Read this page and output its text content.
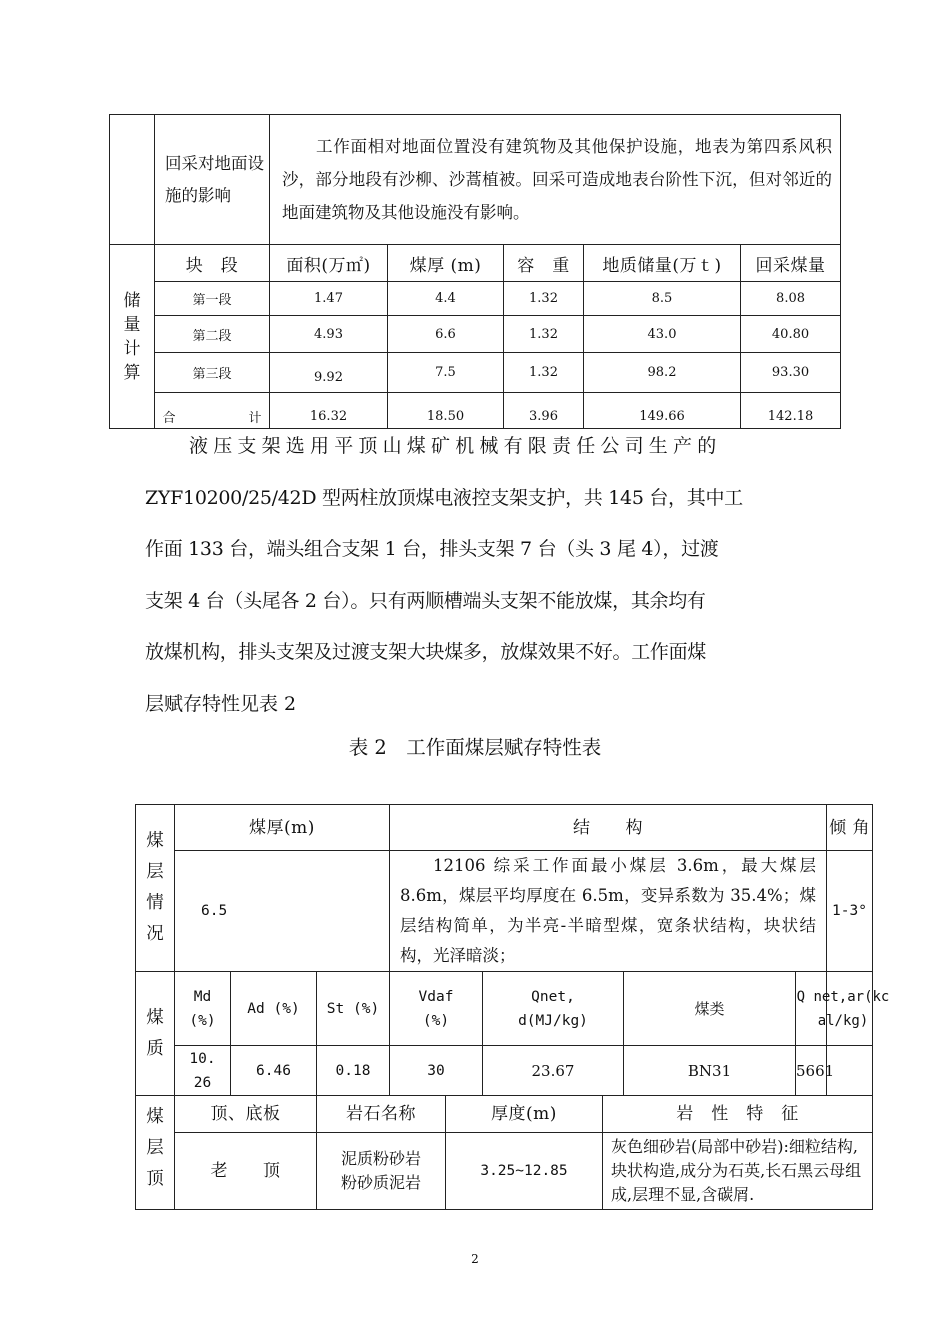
	回采对地面设施的影响	工作面相对地面位置没有建筑物及其他保护设施，地表为第四系风积沙，部分地段有沙柳、沙蒿植被。回采可造成地表台阶性下沉，但对邻近的地面建筑物及其他设施没有影响。				

储量计算	块　段	面积(万㎡)	煤厚 (m)	容　重	地质储量(万ｔ)	回采煤量
	第一段	1.47	4.4	1.32	8.5	8.08
	第二段	4.93	6.6	1.32	43.0	40.80
	第三段	9.92	7.5	1.32	98.2	93.30
	合 计	16.32	18.50	3.96	149.66	142.18
液压支架选用平顶山煤矿机械有限责任公司生产的
ZYF10200/25/42D 型两柱放顶煤电液控支架支护，共 145 台，其中工
作面 133 台，端头组合支架 1 台，排头支架 7 台（头 3 尾 4），过渡
支架 4 台（头尾各 2 台）。只有两顺槽端头支架不能放煤，其余均有
放煤机构，排头支架及过渡支架大块煤多，放煤效果不好。工作面煤
层赋存特性见表 2
表 2　工作面煤层赋存特性表
煤层情况	煤厚(m)			结　　构						倾 角
	6.5			12106 综采工作面最小煤层 3.6m，最大煤层 8.6m，煤层平均厚度在 6.5m，变异系数为 35.4%；煤层结构简单，为半亮-半暗型煤，宽条状结构，块状结构，光泽暗淡；						1-3°

煤质	Md (%)	Ad (%)	St (%)	Vdaf (%)		Qnet, d(MJ/kg)		煤类	Q net,ar(kcal/kg)	

	10.26	6.46	0.18	30		23.67		BN31	5661	

煤层顶	顶、底板		岩石名称		厚度(m)		岩　性　特　征			
	老　　顶		泥质粉砂岩
粉砂质泥岩		3.25~12.85		灰色细砂岩(局部中砂岩):细粒结构,块状构造,成分为石英,长石黑云母组成,层理不显,含碳屑.			
2
